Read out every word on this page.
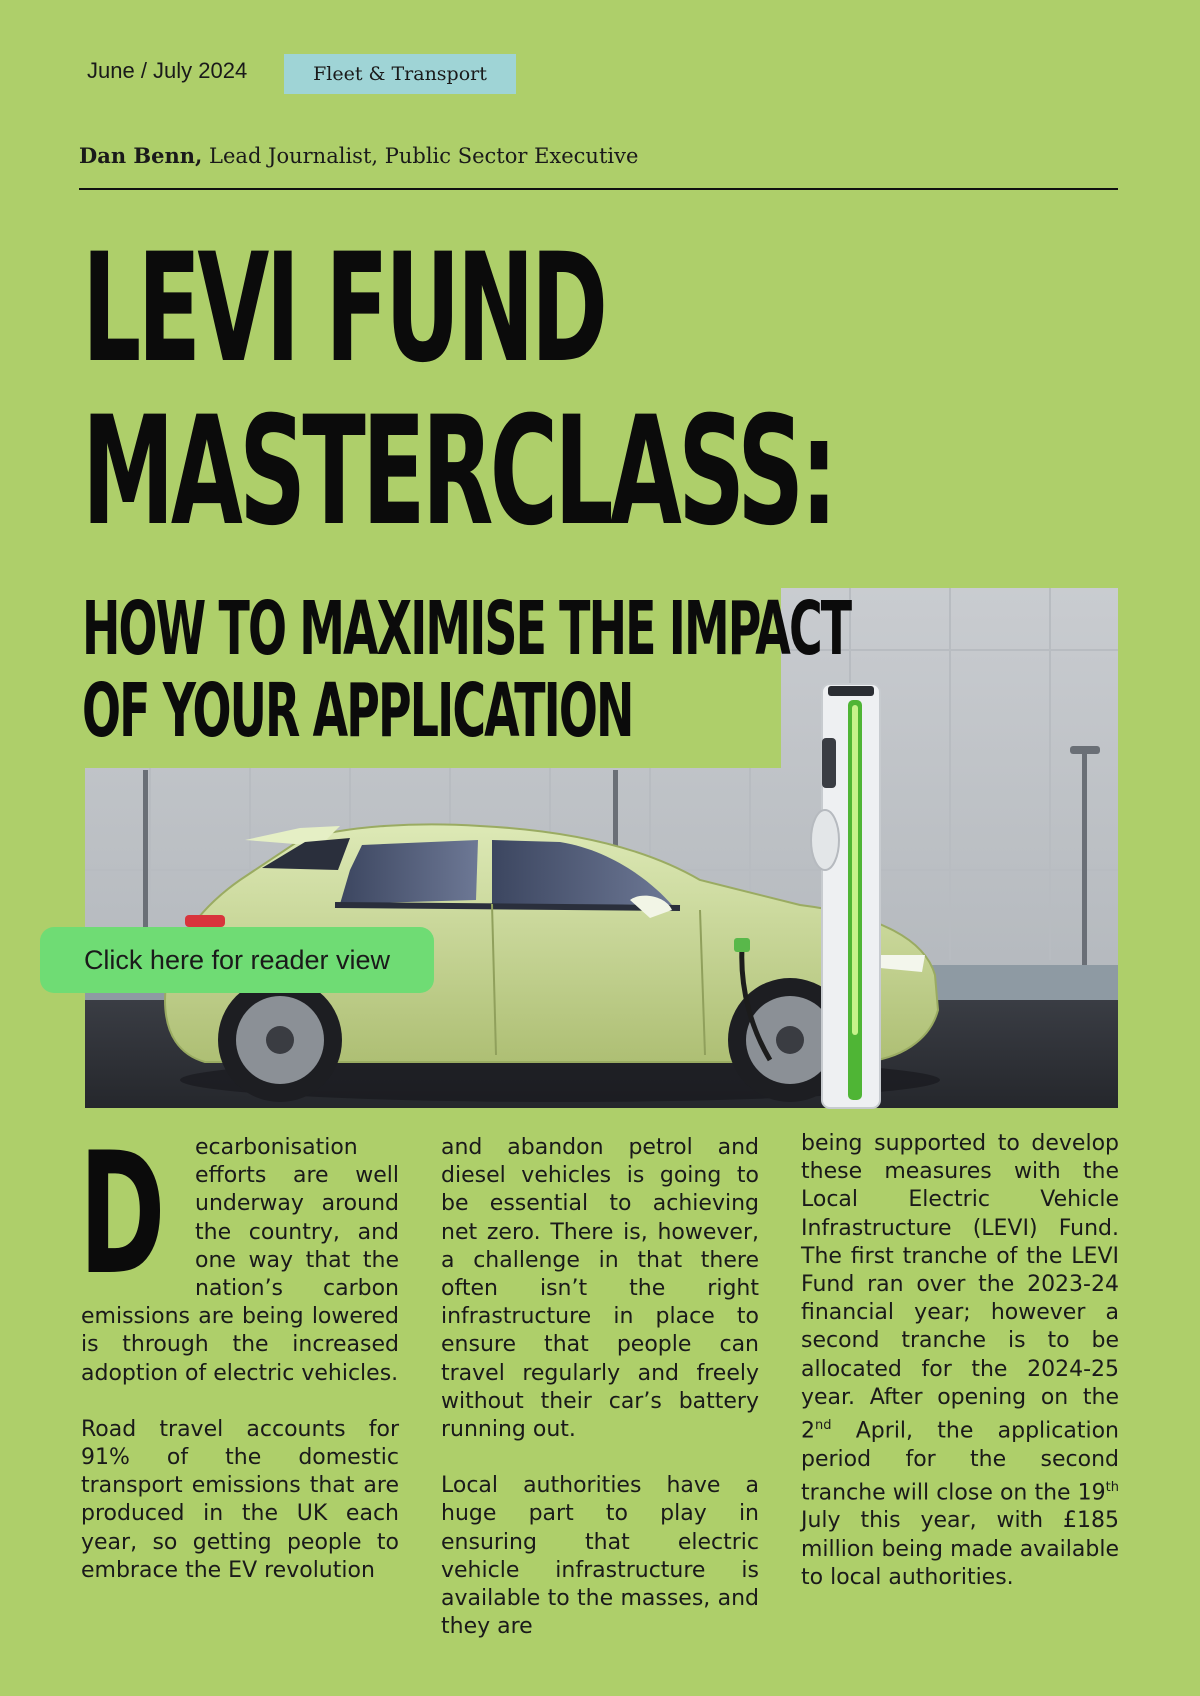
June / July 2024	Fleet & Transport
Dan Benn, Lead Journalist, Public Sector Executive
LEVI FUND
MASTERCLASS:
HOW TO MAXIMISE THE IMPACT
OF YOUR APPLICATION
Click here for reader view
D	ecarbonisation efforts are well underway around the country, and one way that the nation’s carbon emissions are being lowered is through the increased adoption of electric vehicles.

Road travel accounts for 91% of the domestic transport emissions that are produced in the UK each year, so getting people to embrace the EV revolution

and abandon petrol and diesel vehicles is going to be essential to achieving net zero. There is, however, a challenge in that there often isn’t the right infrastructure in place to ensure that people can travel regularly and freely without their car’s battery running out.

Local authorities have a huge part to play in ensuring that electric vehicle infrastructure is available to the masses, and they are

being supported to develop these measures with the Local Electric Vehicle Infrastructure (LEVI) Fund. The first tranche of the LEVI Fund ran over the 2023-24 financial year; however a second tranche is to be allocated for the 2024-25 year. After opening on the 2nd April, the application period for the second tranche will close on the 19th July this year, with £185 million being made available to local authorities.
